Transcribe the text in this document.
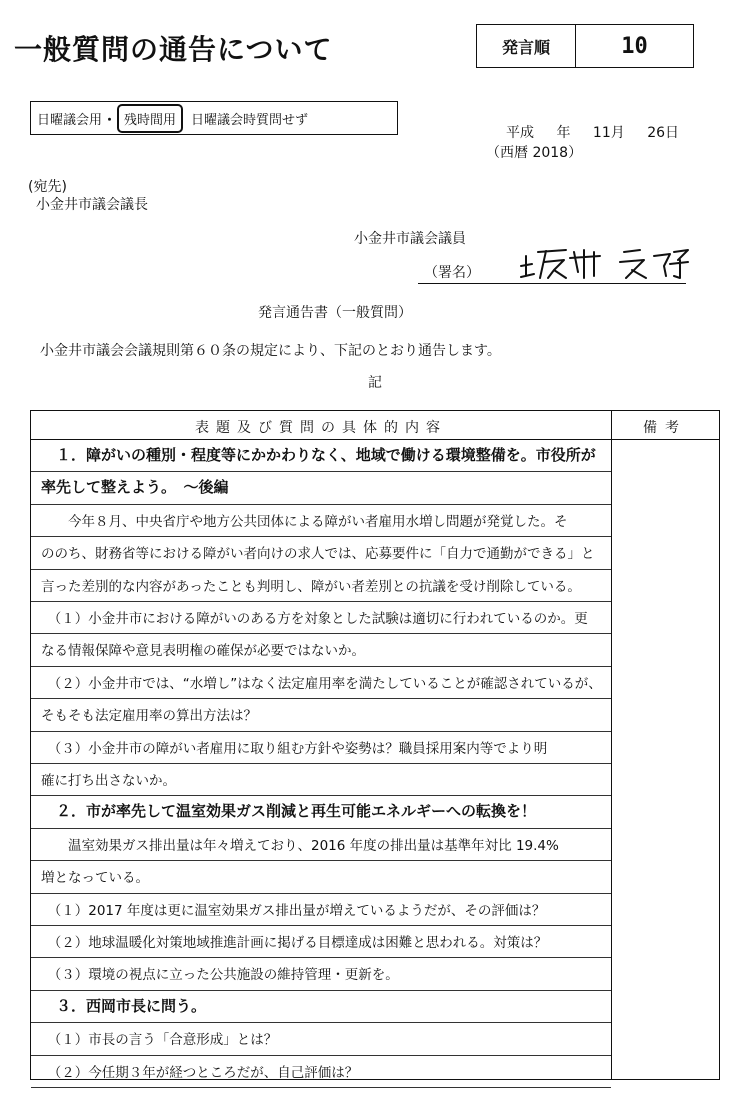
一般質問の通告について	発言順	10
日曜議会用 ・ 残時間用	日曜議会時質問せず
平成 年 11月 26日
（西暦 2018）
(宛先)
小金井市議会議長
小金井市議会議員
（署名）
発言通告書（一般質問）
小金井市議会会議規則第６０条の規定により、下記のとおり通告します。
記
表題及び質問の具体的内容	備考
　１．障がいの種別・程度等にかかわりなく、地域で働ける環境整備を。市役所が
率先して整えよう。　～後編
　　今年８月、中央省庁や地方公共団体による障がい者雇用水増し問題が発覚した。そ
ののち、財務省等における障がい者向けの求人では、応募要件に「自力で通勤ができる」と
言った差別的な内容があったことも判明し、障がい者差別との抗議を受け削除している。
　（１）小金井市における障がいのある方を対象とした試験は適切に行われているのか。更
なる情報保障や意見表明権の確保が必要ではないか。
　（２）小金井市では、“水増し”はなく法定雇用率を満たしていることが確認されているが、
そもそも法定雇用率の算出方法は？
　（３）小金井市の障がい者雇用に取り組む方針や姿勢は？職員採用案内等でより明
確に打ち出さないか。
　２．市が率先して温室効果ガス削減と再生可能エネルギーへの転換を！
　　温室効果ガス排出量は年々増えており、2016 年度の排出量は基準年対比 19.4%
増となっている。
　（１）2017 年度は更に温室効果ガス排出量が増えているようだが、その評価は？
　（２）地球温暖化対策地域推進計画に掲げる目標達成は困難と思われる。対策は？
　（３）環境の視点に立った公共施設の維持管理・更新を。
　３．西岡市長に問う。
　（１）市長の言う「合意形成」とは？
　（２）今任期３年が経つところだが、自己評価は？
